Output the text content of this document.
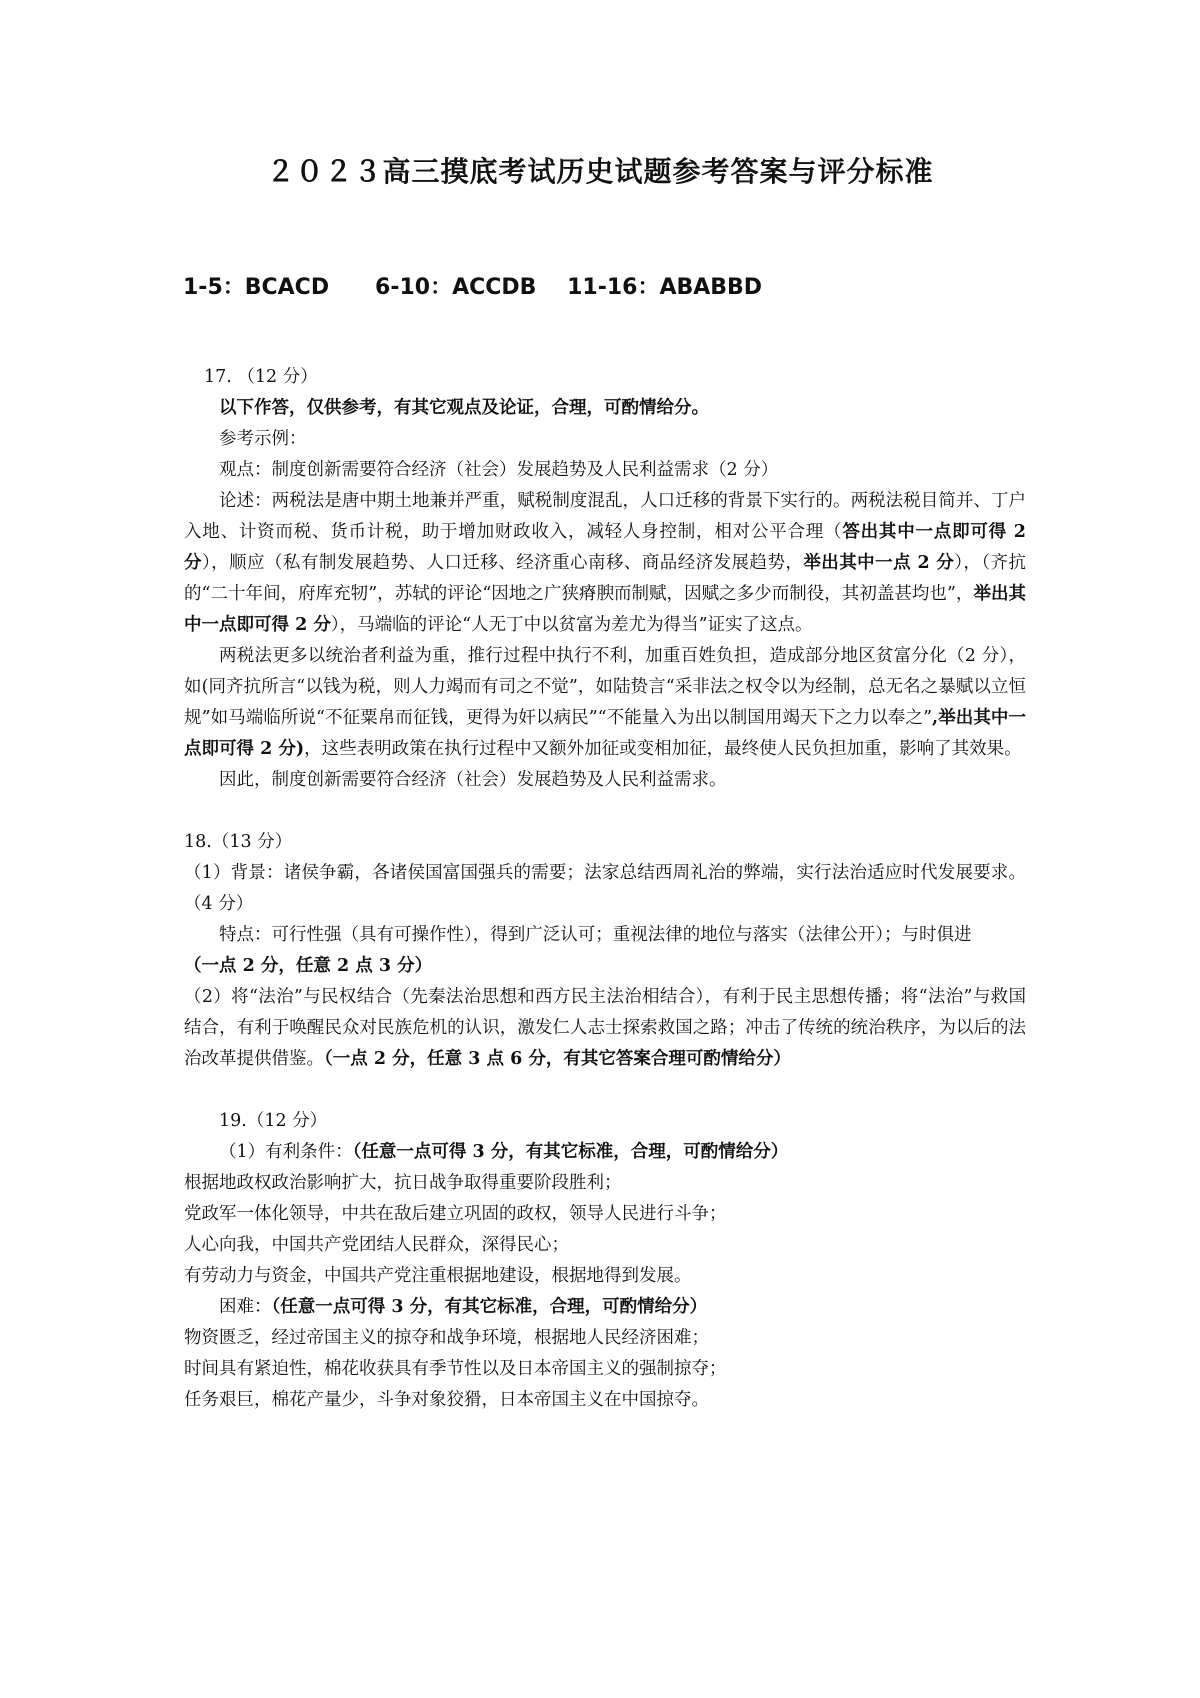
２０２３高三摸底考试历史试题参考答案与评分标准
1-5：BCACD      6-10：ACCDB    11-16：ABABBD

17. （12 分）

以下作答，仅供参考，有其它观点及论证，合理，可酌情给分。

参考示例：

观点：制度创新需要符合经济（社会）发展趋势及人民利益需求（2 分）

论述：两税法是唐中期土地兼并严重，赋税制度混乱，人口迁移的背景下实行的。两税法税目简并、丁户入地、计资而税、货币计税，助于增加财政收入，减轻人身控制，相对公平合理（答出其中一点即可得 2 分），顺应（私有制发展趋势、人口迁移、经济重心南移、商品经济发展趋势，举出其中一点 2 分），（齐抗的“二十年间，府库充牣”，苏轼的评论“因地之广狭瘠腴而制赋，因赋之多少而制役，其初盖甚均也”，举出其中一点即可得 2 分），马端临的评论“人无丁中以贫富为差尤为得当”证实了这点。

两税法更多以统治者利益为重，推行过程中执行不利，加重百姓负担，造成部分地区贫富分化（2 分），如(同齐抗所言“以钱为税，则人力竭而有司之不觉”，如陆贽言“采非法之权令以为经制，总无名之暴赋以立恒规”如马端临所说“不征粟帛而征钱，更得为奸以病民”“不能量入为出以制国用竭天下之力以奉之”,举出其中一点即可得 2 分)，这些表明政策在执行过程中又额外加征或变相加征，最终使人民负担加重，影响了其效果。

因此，制度创新需要符合经济（社会）发展趋势及人民利益需求。

18.（13 分）

（1）背景：诸侯争霸，各诸侯国富国强兵的需要；法家总结西周礼治的弊端，实行法治适应时代发展要求。（4 分）

特点：可行性强（具有可操作性），得到广泛认可；重视法律的地位与落实（法律公开）；与时俱进

（一点 2 分，任意 2 点 3 分）

（2）将“法治”与民权结合（先秦法治思想和西方民主法治相结合），有利于民主思想传播；将“法治”与救国结合，有利于唤醒民众对民族危机的认识，激发仁人志士探索救国之路；冲击了传统的统治秩序，为以后的法治改革提供借鉴。（一点 2 分，任意 3 点 6 分，有其它答案合理可酌情给分）

19.（12 分）

（1）有利条件：（任意一点可得 3 分，有其它标准，合理，可酌情给分）

根据地政权政治影响扩大，抗日战争取得重要阶段胜利；

党政军一体化领导，中共在敌后建立巩固的政权，领导人民进行斗争；

人心向我，中国共产党团结人民群众，深得民心；

有劳动力与资金，中国共产党注重根据地建设，根据地得到发展。

困难：（任意一点可得 3 分，有其它标准，合理，可酌情给分）

物资匮乏，经过帝国主义的掠夺和战争环境，根据地人民经济困难；

时间具有紧迫性，棉花收获具有季节性以及日本帝国主义的强制掠夺；

任务艰巨，棉花产量少，斗争对象狡猾，日本帝国主义在中国掠夺。
